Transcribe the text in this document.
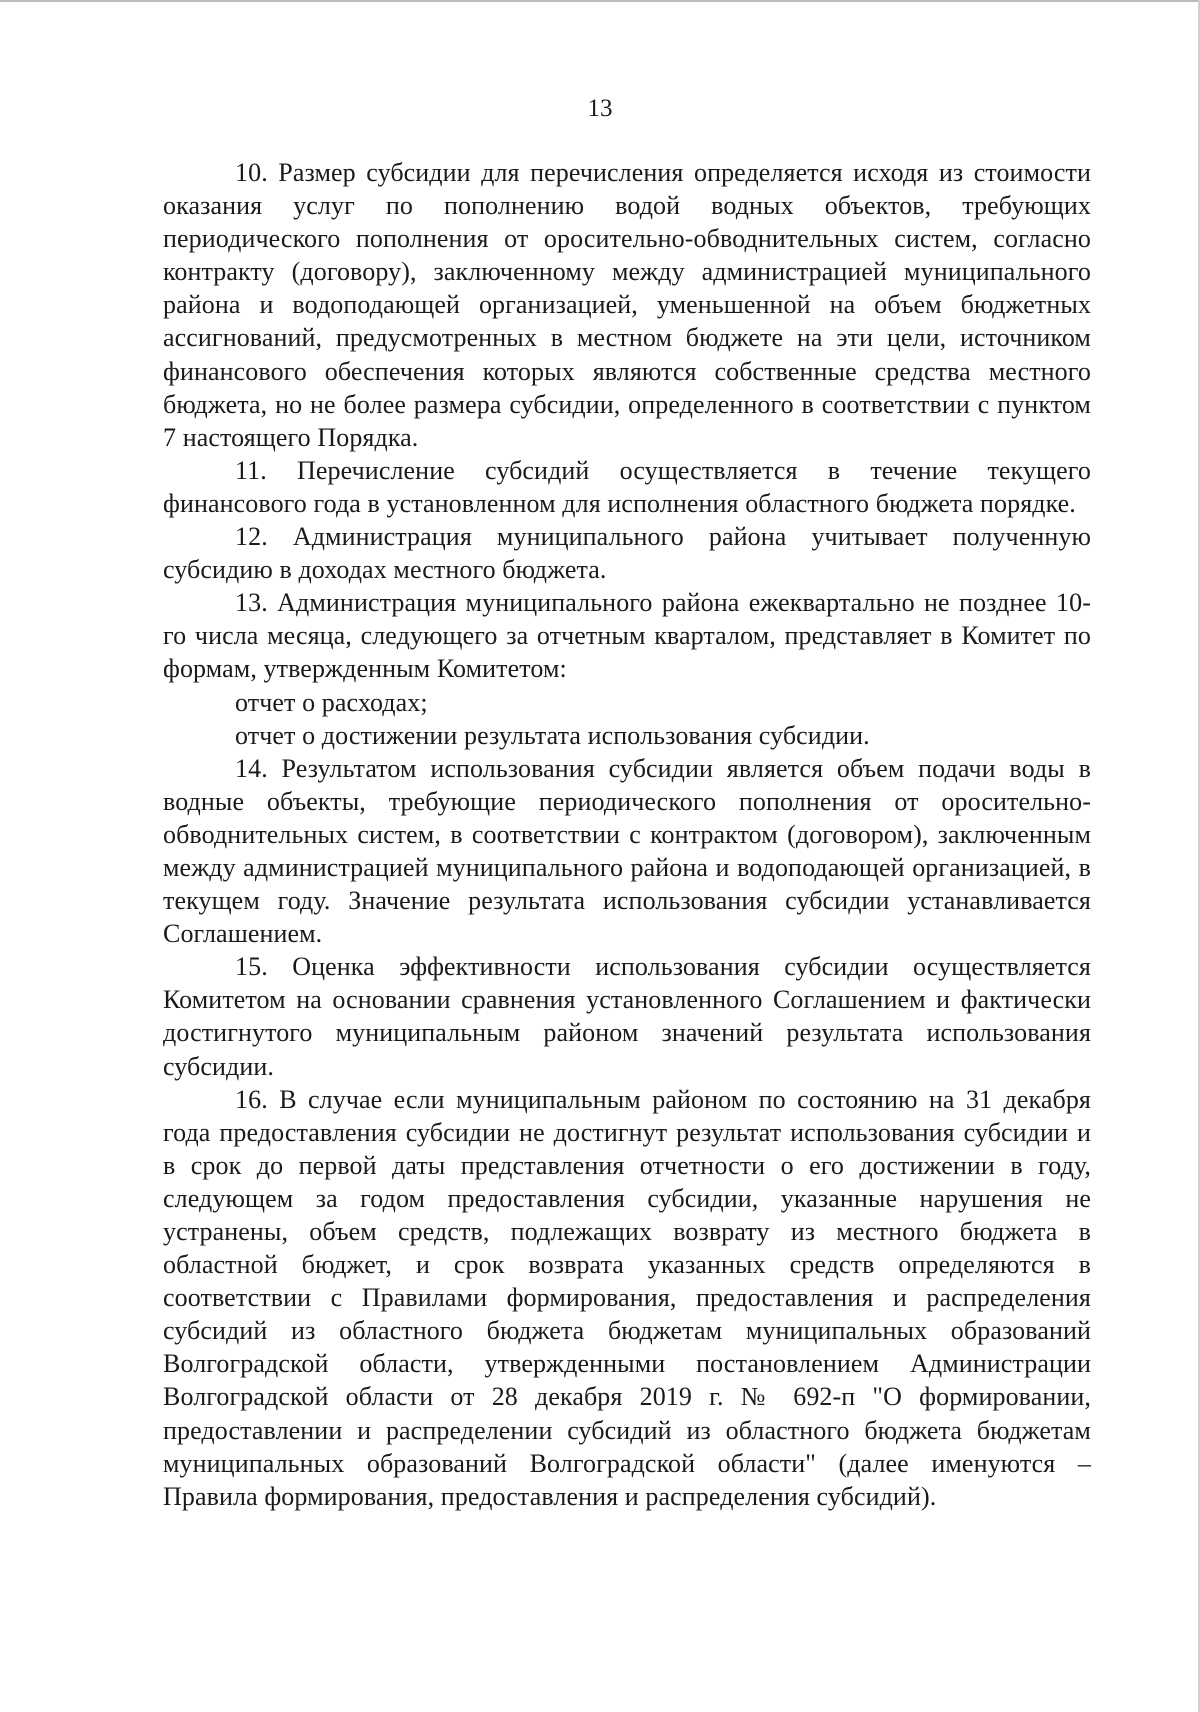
13

10. Размер субсидии для перечисления определяется исходя из стоимости оказания услуг по пополнению водой водных объектов, требующих периодического пополнения от оросительно-обводнительных систем, согласно контракту (договору), заключенному между администрацией муниципального района и водоподающей организацией, уменьшенной на объем бюджетных ассигнований, предусмотренных в местном бюджете на эти цели, источником финансового обеспечения которых являются собственные средства местного бюджета, но не более размера субсидии, определенного в соответствии с пунктом 7 настоящего Порядка.

11. Перечисление субсидий осуществляется в течение текущего финансового года в установленном для исполнения областного бюджета порядке.

12. Администрация муниципального района учитывает полученную субсидию в доходах местного бюджета.

13. Администрация муниципального района ежеквартально не позднее 10-го числа месяца, следующего за отчетным кварталом, представляет в Комитет по формам, утвержденным Комитетом:

отчет о расходах;

отчет о достижении результата использования субсидии.

14. Результатом использования субсидии является объем подачи воды в водные объекты, требующие периодического пополнения от оросительно-обводнительных систем, в соответствии с контрактом (договором), заключенным между администрацией муниципального района и водоподающей организацией, в текущем году. Значение результата использования субсидии устанавливается Соглашением.

15. Оценка эффективности использования субсидии осуществляется Комитетом на основании сравнения установленного Соглашением и фактически достигнутого муниципальным районом значений результата использования субсидии.

16. В случае если муниципальным районом по состоянию на 31 декабря года предоставления субсидии не достигнут результат использования субсидии и в срок до первой даты представления отчетности о его достижении в году, следующем за годом предоставления субсидии, указанные нарушения не устранены, объем средств, подлежащих возврату из местного бюджета в областной бюджет, и срок возврата указанных средств определяются в соответствии с Правилами формирования, предоставления и распределения субсидий из областного бюджета бюджетам муниципальных образований Волгоградской области, утвержденными постановлением Администрации Волгоградской области от 28 декабря 2019 г. № 692-п "О формировании, предоставлении и распределении субсидий из областного бюджета бюджетам муниципальных образований Волгоградской области" (далее именуются – Правила формирования, предоставления и распределения субсидий).
